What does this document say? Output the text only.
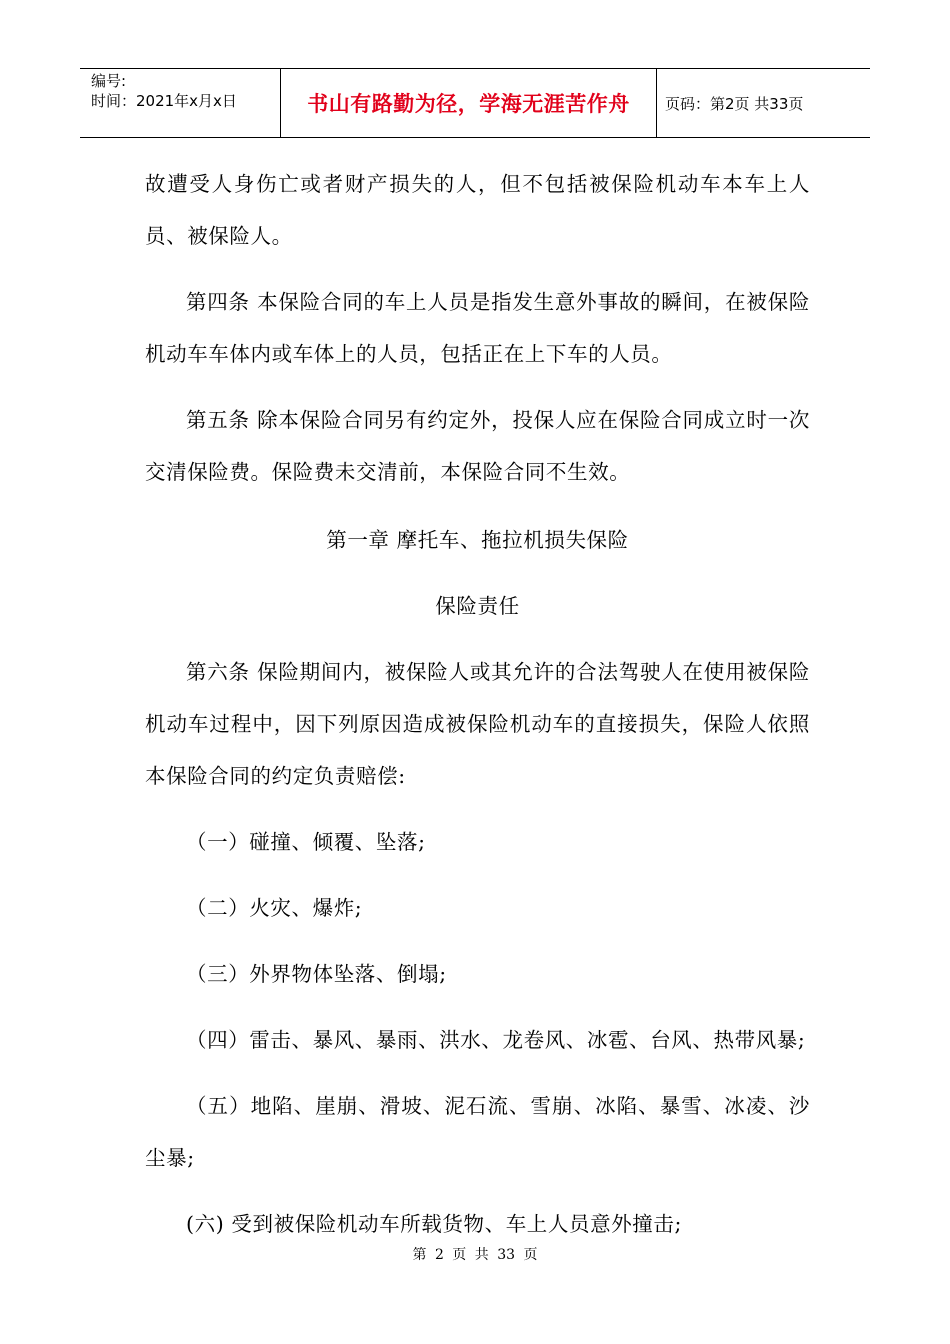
编号:
时间：2021年x月x日	书山有路勤为径，学海无涯苦作舟	页码：第2页 共33页

故遭受人身伤亡或者财产损失的人，但不包括被保险机动车本车上人员、被保险人。

第四条 本保险合同的车上人员是指发生意外事故的瞬间，在被保险机动车车体内或车体上的人员，包括正在上下车的人员。

第五条 除本保险合同另有约定外，投保人应在保险合同成立时一次交清保险费。保险费未交清前，本保险合同不生效。

第一章 摩托车、拖拉机损失保险

保险责任

第六条 保险期间内，被保险人或其允许的合法驾驶人在使用被保险机动车过程中，因下列原因造成被保险机动车的直接损失，保险人依照本保险合同的约定负责赔偿:

（一）碰撞、倾覆、坠落;

（二）火灾、爆炸;

（三）外界物体坠落、倒塌;

（四）雷击、暴风、暴雨、洪水、龙卷风、冰雹、台风、热带风暴;

（五）地陷、崖崩、滑坡、泥石流、雪崩、冰陷、暴雪、冰凌、沙尘暴;

(六) 受到被保险机动车所载货物、车上人员意外撞击;

第 2 页 共 33 页
